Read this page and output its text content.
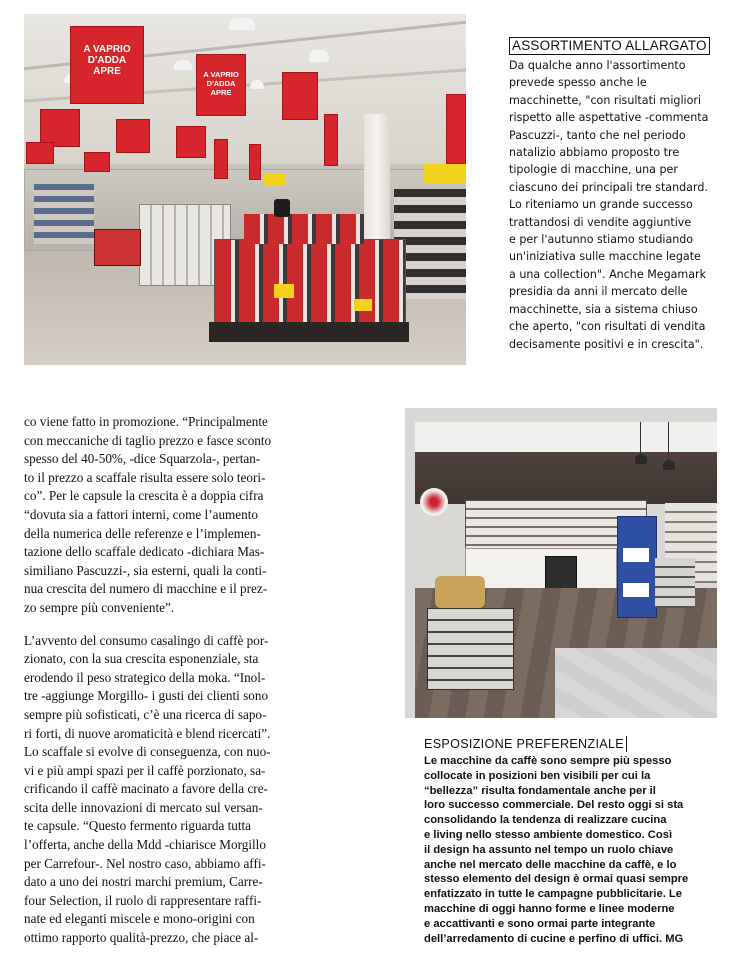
A VAPRIO
D'ADDA
APRE	A VAPRIO
D'ADDA
APRE
ASSORTIMENTO ALLARGATO
Da qualche anno l'assortimento
prevede spesso anche le
macchinette, "con risultati migliori
rispetto alle aspettative -commenta
Pascuzzi-, tanto che nel periodo
natalizio abbiamo proposto tre
tipologie di macchine, una per
ciascuno dei principali tre standard.
Lo riteniamo un grande successo
trattandosi di vendite aggiuntive
e per l'autunno stiamo studiando
un'iniziativa sulle macchine legate
a una collection". Anche Megamark
presidia da anni il mercato delle
macchinette, sia a sistema chiuso
che aperto, "con risultati di vendita
decisamente positivi e in crescita".
co viene fatto in promozione. “Principalmente
con meccaniche di taglio prezzo e fasce sconto
spesso del 40-50%, -dice Squarzola-, pertan-
to il prezzo a scaffale risulta essere solo teori-
co”. Per le capsule la crescita è a doppia cifra
“dovuta sia a fattori interni, come l’aumento
della numerica delle referenze e l’implemen-
tazione dello scaffale dedicato -dichiara Mas-
similiano Pascuzzi-, sia esterni, quali la conti-
nua crescita del numero di macchine e il prez-
zo sempre più conveniente”.
L’avvento del consumo casalingo di caffè por-
zionato, con la sua crescita esponenziale, sta
erodendo il peso strategico della moka. “Inol-
tre -aggiunge Morgillo- i gusti dei clienti sono
sempre più sofisticati, c’è una ricerca di sapo-
ri forti, di nuove aromaticità e blend ricercati”.
Lo scaffale si evolve di conseguenza, con nuo-
vi e più ampi spazi per il caffè porzionato, sa-
crificando il caffè macinato a favore della cre-
scita delle innovazioni di mercato sul versan-
te capsule. “Questo fermento riguarda tutta
l’offerta, anche della Mdd -chiarisce Morgillo
per Carrefour-. Nel nostro caso, abbiamo affi-
dato a uno dei nostri marchi premium, Carre-
four Selection, il ruolo di rappresentare raffi-
nate ed eleganti miscele e mono-origini con
ottimo rapporto qualità-prezzo, che piace al-
ESPOSIZIONE PREFERENZIALE
Le macchine da caffè sono sempre più spesso
collocate in posizioni ben visibili per cui la
“bellezza” risulta fondamentale anche per il
loro successo commerciale. Del resto oggi si sta
consolidando la tendenza di realizzare cucina
e living nello stesso ambiente domestico. Così
il design ha assunto nel tempo un ruolo chiave
anche nel mercato delle macchine da caffè, e lo
stesso elemento del design è ormai quasi sempre
enfatizzato in tutte le campagne pubblicitarie. Le
macchine di oggi hanno forme e linee moderne
e accattivanti e sono ormai parte integrante
dell’arredamento di cucine e perfino di uffici. MG
